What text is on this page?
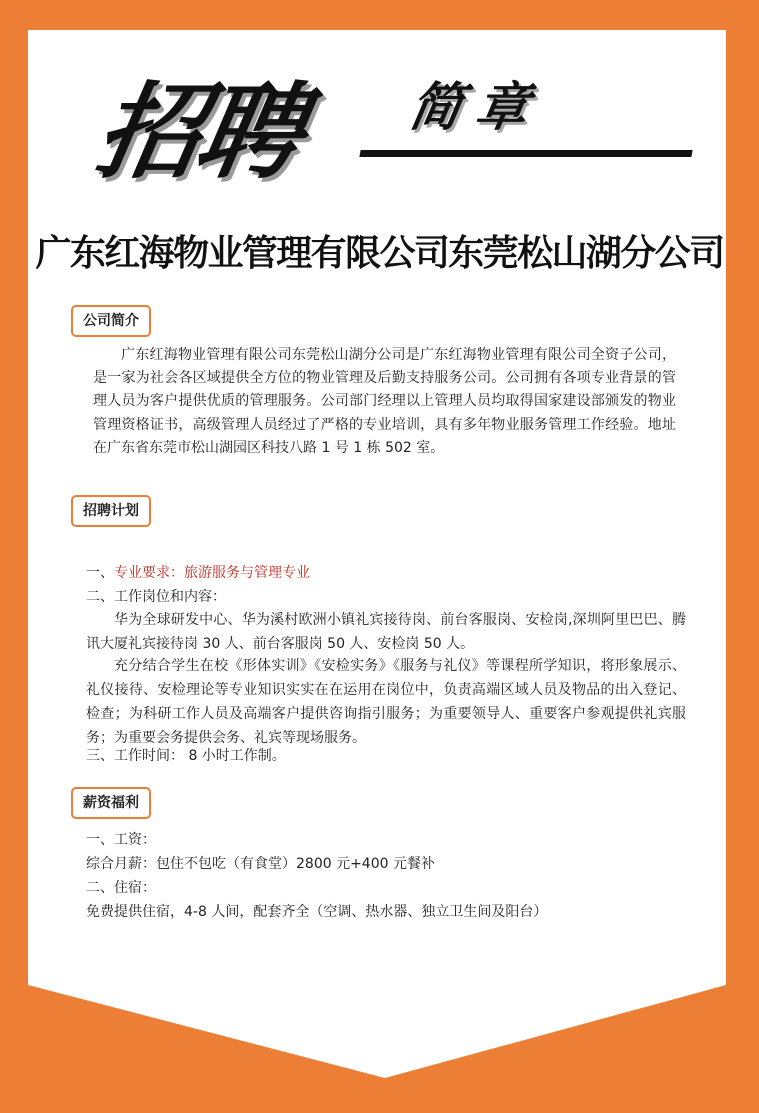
招聘 简章
广东红海物业管理有限公司东莞松山湖分公司
公司简介
广东红海物业管理有限公司东莞松山湖分公司是广东红海物业管理有限公司全资子公司，是一家为社会各区域提供全方位的物业管理及后勤支持服务公司。公司拥有各项专业背景的管理人员为客户提供优质的管理服务。公司部门经理以上管理人员均取得国家建设部颁发的物业管理资格证书，高级管理人员经过了严格的专业培训，具有多年物业服务管理工作经验。地址在广东省东莞市松山湖园区科技八路 1 号 1 栋 502 室。
招聘计划
一、专业要求：旅游服务与管理专业
二、工作岗位和内容：
华为全球研发中心、华为溪村欧洲小镇礼宾接待岗、前台客服岗、安检岗,深圳阿里巴巴、腾讯大厦礼宾接待岗 30 人、前台客服岗 50 人、安检岗 50 人。
充分结合学生在校《形体实训》《安检实务》《服务与礼仪》等课程所学知识，将形象展示、礼仪接待、安检理论等专业知识实实在在运用在岗位中，负责高端区域人员及物品的出入登记、检查；为科研工作人员及高端客户提供咨询指引服务；为重要领导人、重要客户参观提供礼宾服务；为重要会务提供会务、礼宾等现场服务。
三、工作时间： 8 小时工作制。
薪资福利
一、工资：
综合月薪：包住不包吃（有食堂）2800 元+400 元餐补
二、住宿：
免费提供住宿，4-8 人间，配套齐全（空调、热水器、独立卫生间及阳台）
